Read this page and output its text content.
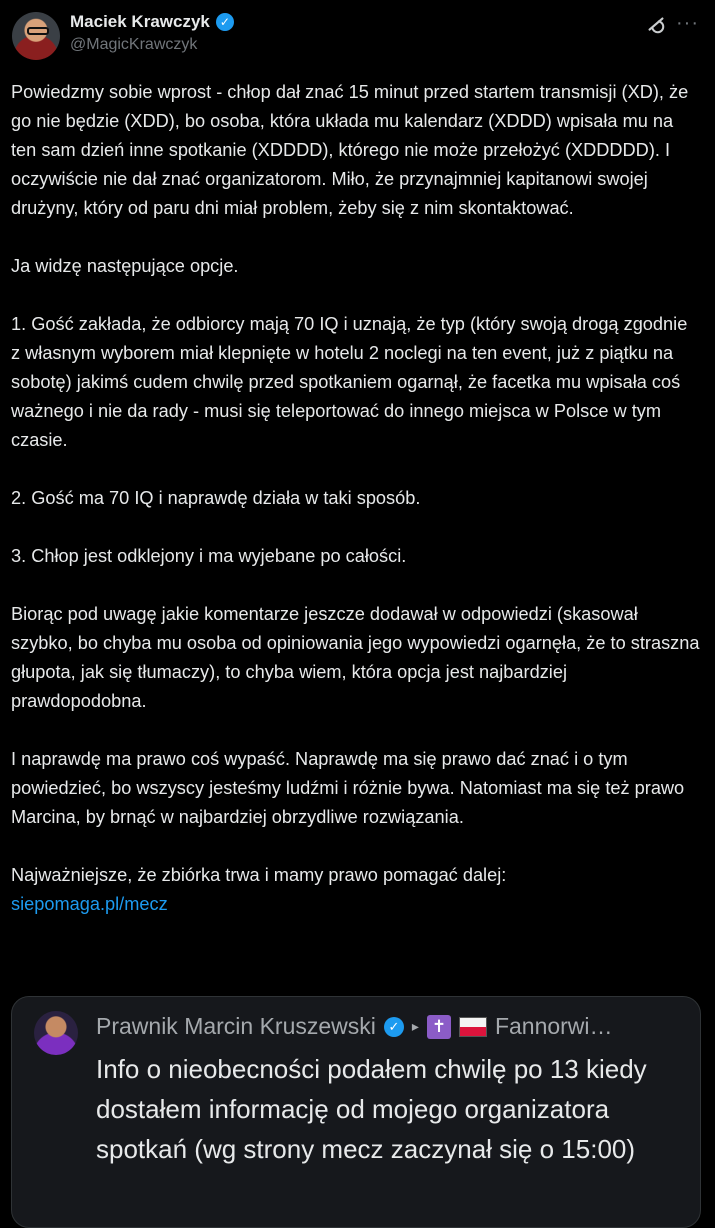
Maciek Krawczyk ✓
@MagicKrawczyk
···

Powiedzmy sobie wprost - chłop dał znać 15 minut przed startem transmisji (XD), że go nie będzie (XDD), bo osoba, która układa mu kalendarz (XDDD) wpisała mu na ten sam dzień inne spotkanie (XDDDD), którego nie może przełożyć (XDDDDD). I oczywiście nie dał znać organizatorom. Miło, że przynajmniej kapitanowi swojej drużyny, który od paru dni miał problem, żeby się z nim skontaktować.

Ja widzę następujące opcje.

1. Gość zakłada, że odbiorcy mają 70 IQ i uznają, że typ (który swoją drogą zgodnie z własnym wyborem miał klepnięte w hotelu 2 noclegi na ten event, już z piątku na sobotę) jakimś cudem chwilę przed spotkaniem ogarnął, że facetka mu wpisała coś ważnego i nie da rady - musi się teleportować do innego miejsca w Polsce w tym czasie.

2. Gość ma 70 IQ i naprawdę działa w taki sposób.

3. Chłop jest odklejony i ma wyjebane po całości.

Biorąc pod uwagę jakie komentarze jeszcze dodawał w odpowiedzi (skasował szybko, bo chyba mu osoba od opiniowania jego wypowiedzi ogarnęła, że to straszna głupota, jak się tłumaczy), to chyba wiem, która opcja jest najbardziej prawdopodobna.

I naprawdę ma prawo coś wypaść. Naprawdę ma się prawo dać znać i o tym powiedzieć, bo wszyscy jesteśmy ludźmi i różnie bywa. Natomiast ma się też prawo Marcina, by brnąć w najbardziej obrzydliwe rozwiązania.

Najważniejsze, że zbiórka trwa i mamy prawo pomagać dalej:

siepomaga.pl/mecz

Prawnik Marcin Kruszewski ✓ ▸ ✝ Fannorwi…
Info o nieobecności podałem chwilę po 13 kiedy dostałem informację od mojego organizatora spotkań (wg strony mecz zaczynał się o 15:00)
